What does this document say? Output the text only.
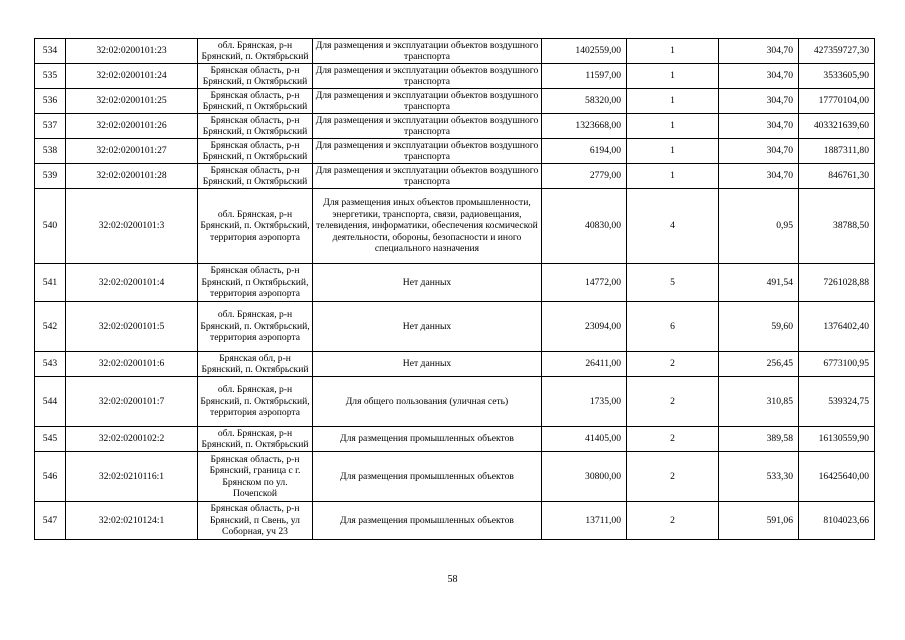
534	32:02:0200101:23	обл. Брянская, р-н Брянский, п. Октябрьский	Для размещения и эксплуатации объектов воздушного транспорта	1402559,00	1	304,70	427359727,30
535	32:02:0200101:24	Брянская область, р-н Брянский, п Октябрьский	Для размещения и эксплуатации объектов воздушного транспорта	11597,00	1	304,70	3533605,90
536	32:02:0200101:25	Брянская область, р-н Брянский, п Октябрьский	Для размещения и эксплуатации объектов воздушного транспорта	58320,00	1	304,70	17770104,00
537	32:02:0200101:26	Брянская область, р-н Брянский, п Октябрьский	Для размещения и эксплуатации объектов воздушного транспорта	1323668,00	1	304,70	403321639,60
538	32:02:0200101:27	Брянская область, р-н Брянский, п Октябрьский	Для размещения и эксплуатации объектов воздушного транспорта	6194,00	1	304,70	1887311,80
539	32:02:0200101:28	Брянская область, р-н Брянский, п Октябрьский	Для размещения и эксплуатации объектов воздушного транспорта	2779,00	1	304,70	846761,30
540	32:02:0200101:3	обл. Брянская, р-н Брянский, п. Октябрьский, территория аэропорта	Для размещения иных объектов промышленности, энергетики, транспорта, связи, радиовещания, телевидения, информатики, обеспечения космической деятельности, обороны, безопасности и иного специального назначения	40830,00	4	0,95	38788,50
541	32:02:0200101:4	Брянская область, р-н Брянский, п Октябрьский, территория аэропорта	Нет данных	14772,00	5	491,54	7261028,88
542	32:02:0200101:5	обл. Брянская, р-н Брянский, п. Октябрьский, территория аэропорта	Нет данных	23094,00	6	59,60	1376402,40
543	32:02:0200101:6	Брянская обл, р-н Брянский, п. Октябрьский	Нет данных	26411,00	2	256,45	6773100,95
544	32:02:0200101:7	обл. Брянская, р-н Брянский, п. Октябрьский, территория аэропорта	Для общего пользования (уличная сеть)	1735,00	2	310,85	539324,75
545	32:02:0200102:2	обл. Брянская, р-н Брянский, п. Октябрьский	Для размещения промышленных объектов	41405,00	2	389,58	16130559,90
546	32:02:0210116:1	Брянская область, р-н Брянский, граница с г. Брянском по ул. Почепской	Для размещения промышленных объектов	30800,00	2	533,30	16425640,00
547	32:02:0210124:1	Брянская область, р-н Брянский, п Свень, ул Соборная, уч 23	Для размещения промышленных объектов	13711,00	2	591,06	8104023,66
58
